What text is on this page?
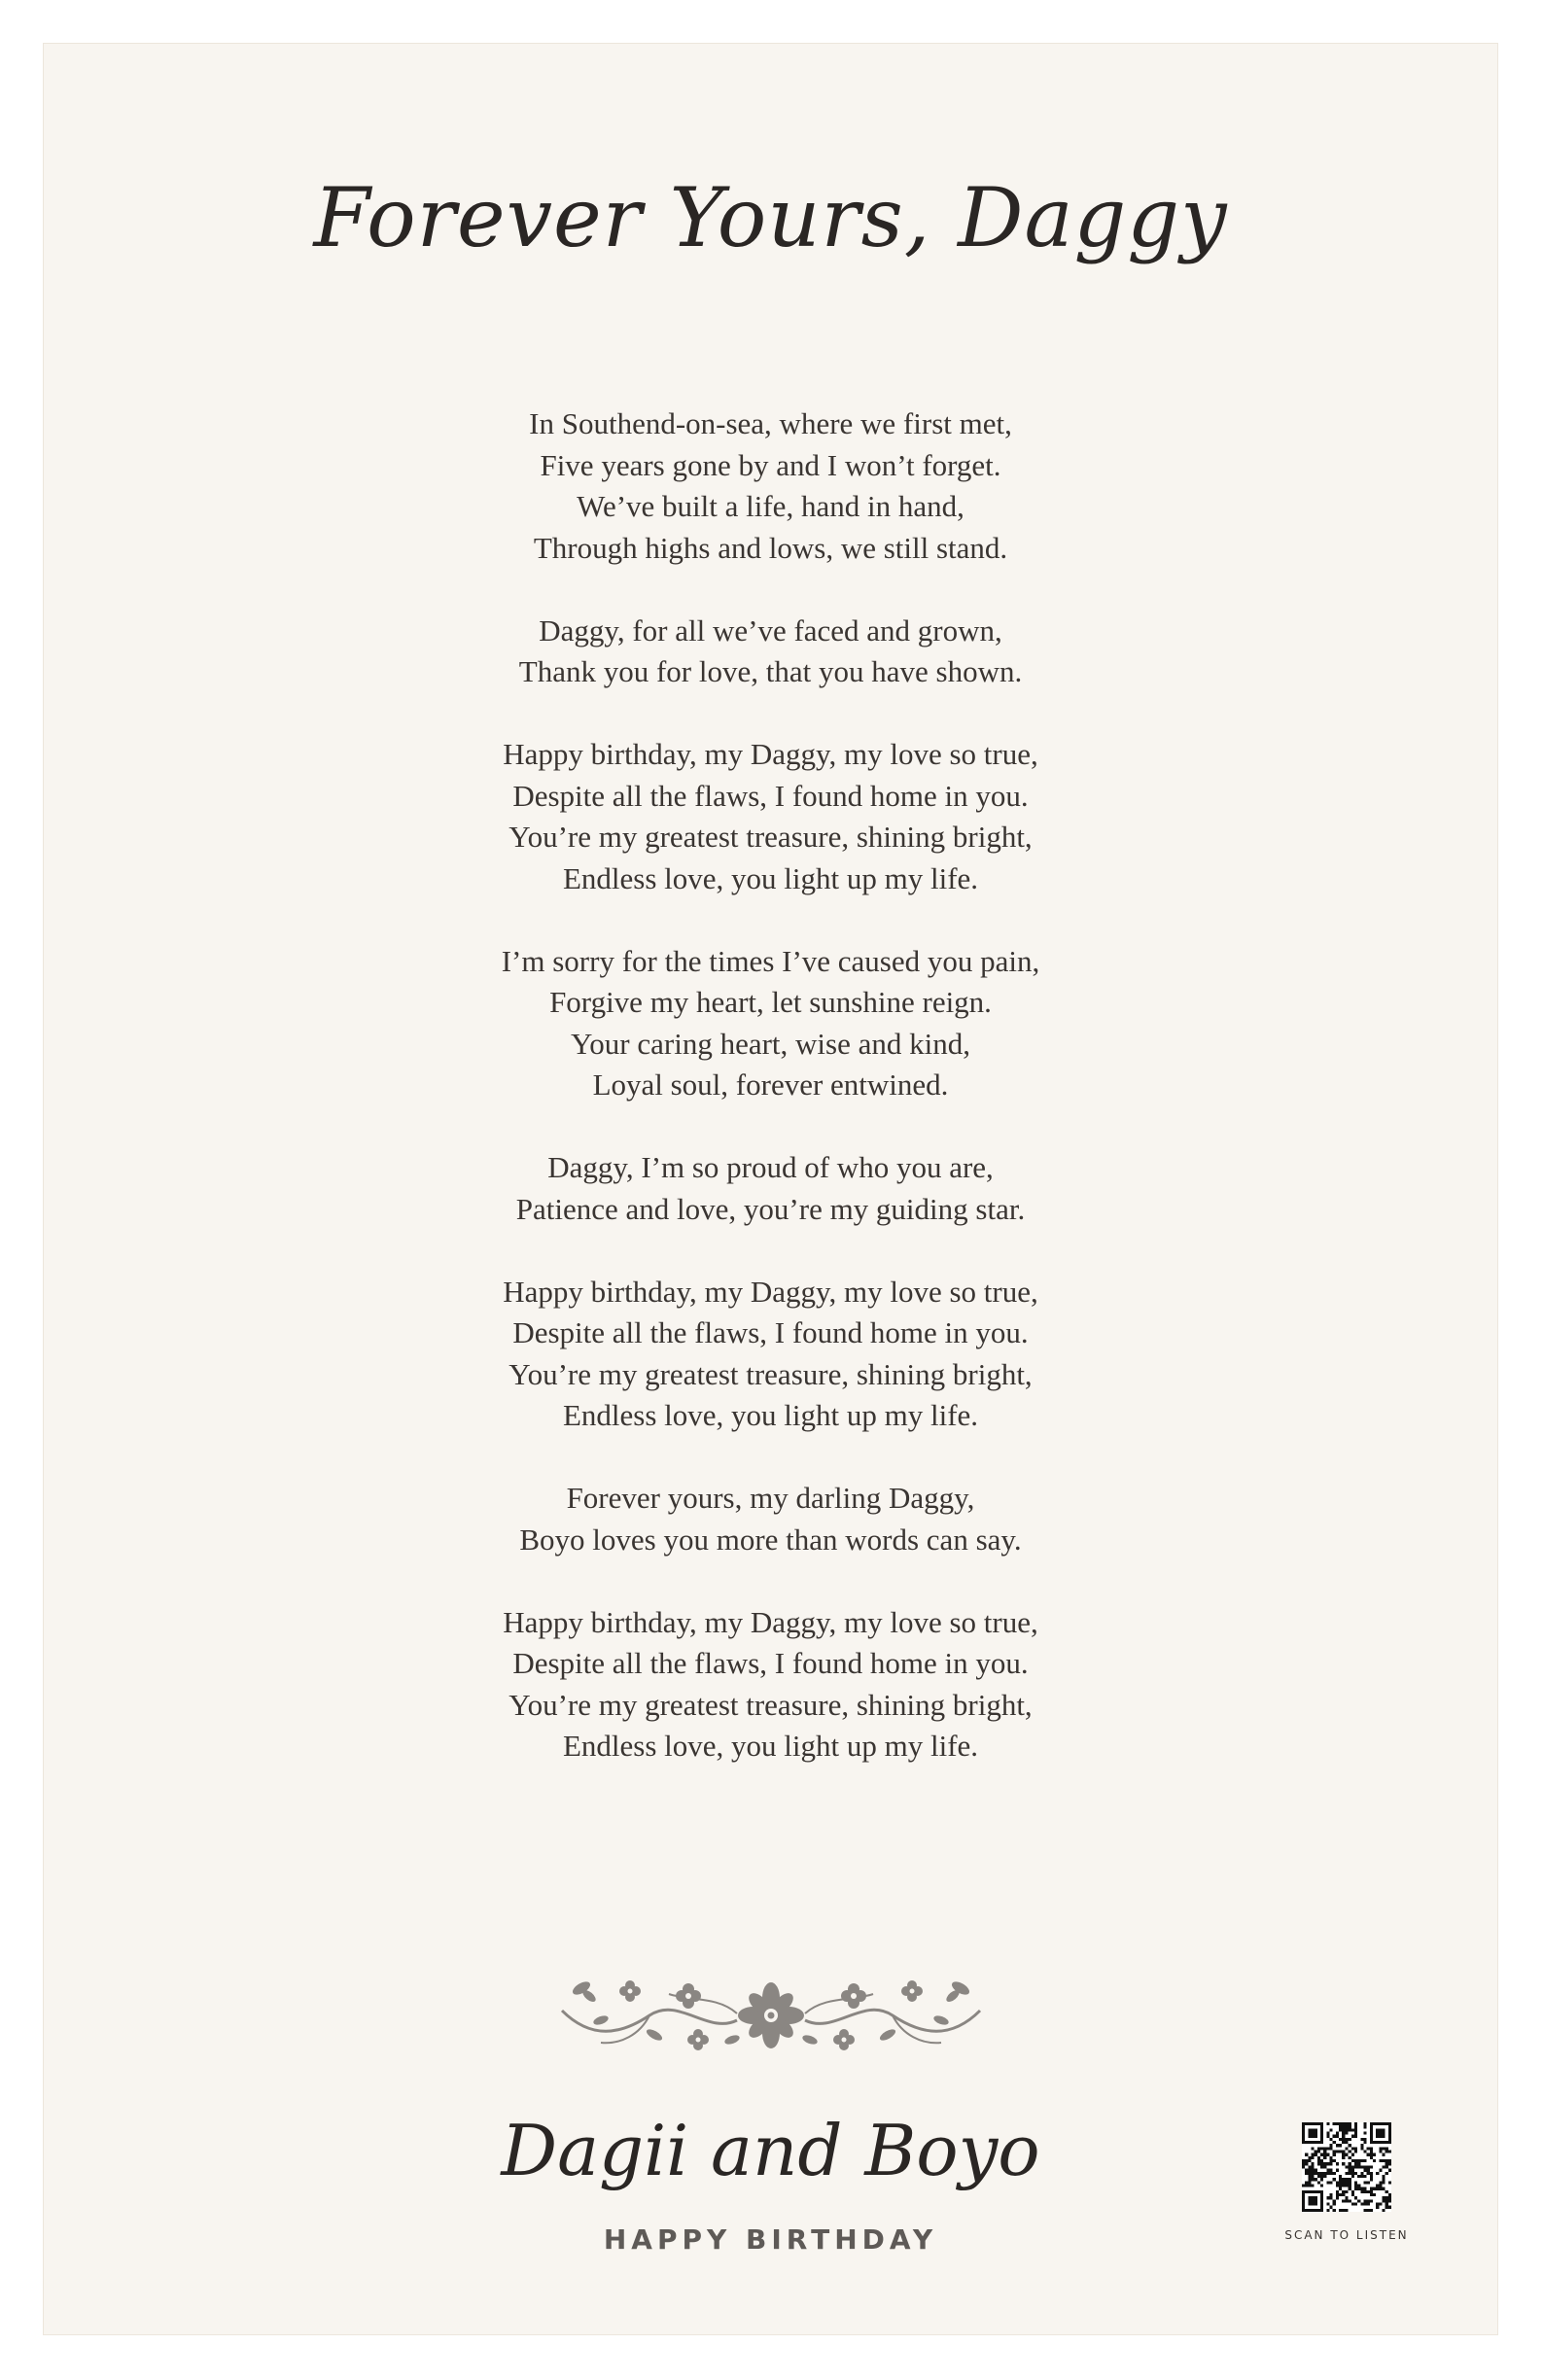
Forever Yours, Daggy
In Southend-on-sea, where we first met,
Five years gone by and I won’t forget.
We’ve built a life, hand in hand,
Through highs and lows, we still stand.
Daggy, for all we’ve faced and grown,
Thank you for love, that you have shown.
Happy birthday, my Daggy, my love so true,
Despite all the flaws, I found home in you.
You’re my greatest treasure, shining bright,
Endless love, you light up my life.
I’m sorry for the times I’ve caused you pain,
Forgive my heart, let sunshine reign.
Your caring heart, wise and kind,
Loyal soul, forever entwined.
Daggy, I’m so proud of who you are,
Patience and love, you’re my guiding star.
Happy birthday, my Daggy, my love so true,
Despite all the flaws, I found home in you.
You’re my greatest treasure, shining bright,
Endless love, you light up my life.
Forever yours, my darling Daggy,
Boyo loves you more than words can say.
Happy birthday, my Daggy, my love so true,
Despite all the flaws, I found home in you.
You’re my greatest treasure, shining bright,
Endless love, you light up my life.
Dagii and Boyo
HAPPY BIRTHDAY	SCAN TO LISTEN
